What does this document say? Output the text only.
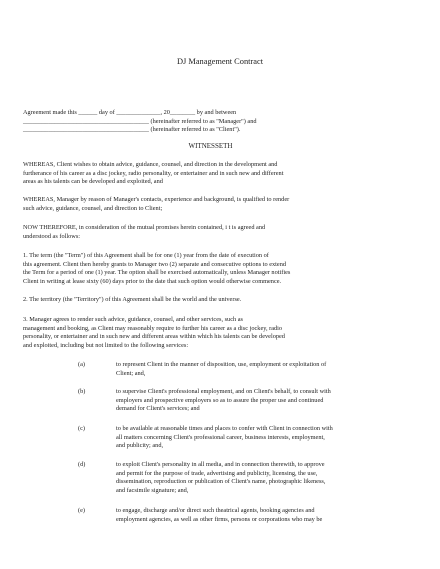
DJ Management Contract
Agreement made this ______ day of ______________, 20________ by and between
________________________________________ (hereinafter referred to as "Manager") and
________________________________________ (hereinafter referred to as "Client").
WITNESSETH
WHEREAS, Client wishes to obtain advice, guidance, counsel, and direction in the development and
furtherance of his career as a disc jockey, radio personality, or entertainer and in such new and different
areas as his talents can be developed and exploited, and
WHEREAS, Manager by reason of Manager's contacts, experience and background, is qualified to render
such advice, guidance, counsel, and direction to Client;
NOW THEREFORE, in consideration of the mutual promises herein contained, i t is agreed and
understood as follows:
1. The term (the "Term") of this Agreement shall be for one (1) year from the date of execution of
this agreement. Client then hereby grants to Manager two (2) separate and consecutive options to extend
the Term for a period of one (1) year. The option shall be exercised automatically, unless Manager notifies
Client in writing at lease sixty (60) days prior to the date that such option would otherwise commence.
2. The territory (the "Territory") of this Agreement shall be the world and the universe.
3. Manager agrees to render such advice, guidance, counsel, and other services, such as
management and booking, as Client may reasonably require to further his career as a disc jockey, radio
personality, or entertainer and in such new and different areas within which his talents can be developed
and exploited, including but not limited to the following services:
(a)	to represent Client in the manner of disposition, use, employment or exploitation of
Client; and,
(b)	to supervise Client's professional employment, and on Client's behalf, to consult with
employers and prospective employers so as to assure the proper use and continued
demand for Client's services; and
(c)	to be available at reasonable times and places to confer with Client in connection with
all matters concerning Client's professional career, business interests, employment,
and publicity; and,
(d)	to exploit Client's personality in all media, and in connection therewith, to approve
and permit for the purpose of trade, advertising and publicity, licensing, the use,
dissemination, reproduction or publication of Client's name, photographic likeness,
and facsimile signature; and,
(e)	to engage, discharge and/or direct such theatrical agents, booking agencies and
employment agencies, as well as other firms, persons or corporations who may be
